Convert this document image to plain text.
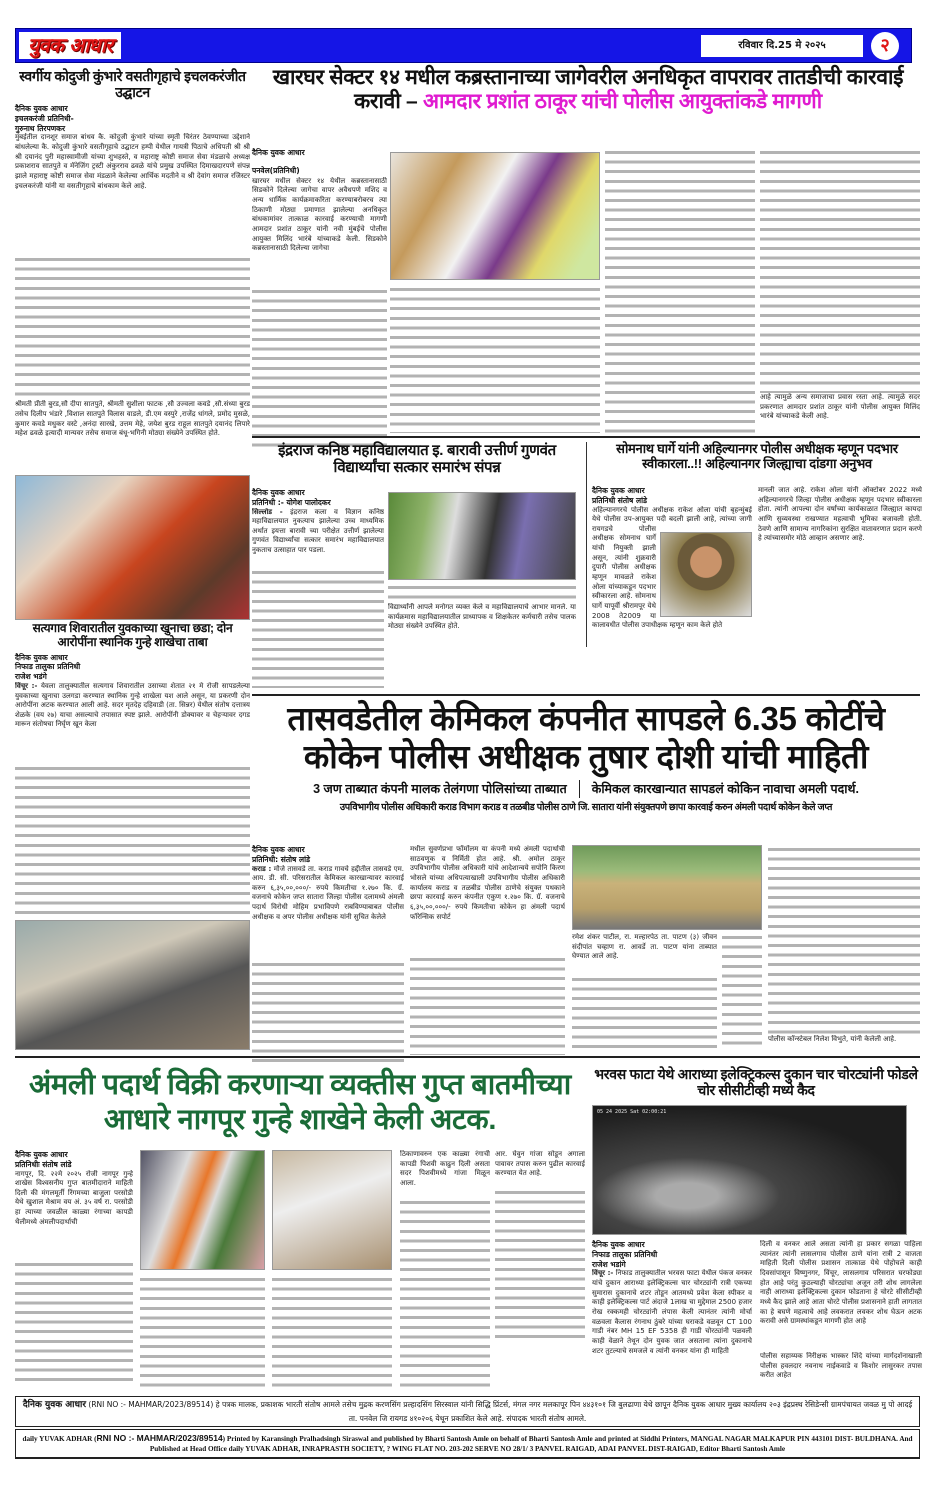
युवक आधार	रविवार दि.25 मे २०२५	२
स्वर्गीय कोदुजी कुंभारे वसतीगृहाचे इचलकरंजीत उद्घाटन
दैनिक युवक आधार
इचलकरंजी प्रतिनिधी-
गुरुनाथ तिरपणकर
मुंबईतील दानशूर समाज बांधव कै. कोदुजी कुंभारे यांच्या स्मृती चिरंतर ठेवण्याच्या उद्देशाने बांधलेल्या कै. कोदुजी कुंभारे वसतीगृहाचे उद्घाटन हम्पी येथील गायत्री पिठाचे अधिपती श्री श्री श्री दयानंद पुरी महास्वामीजी यांच्या शुभहस्ते, व महाराष्ट्र कोष्टी समाज सेवा मंडळाचे अध्यक्ष प्रकाशराव सातपुते व मॅनेजिंग ट्रस्टी अंकुरराव ढवळे यांचे प्रमुख उपस्थित दिमाखदारपणे संपन्न झाले महाराष्ट्र कोष्टी समाज सेवा मंडळाने केलेल्या आर्थिक मदतीने व श्री देवांग समाज रजिस्टर इचलकरंजी यांनी या वसतीगृहाचे बांधकाम केले आहे.
श्रीमती प्रीती बुरड,सौ दीपा सातपुते, श्रीमती सुशीला फाटक ,सौ उज्वला कवडे ,सौ.संध्या बुरड तसेच दिलीप भंडारे ,विशाल सातपुते विलास वाडले, डी.एम वस्पुरे ,राजेंद्र धांगले, प्रमोद मुसळे, कुमार कवडे मधुकर वस्टे ,अनंदा सारखे, उत्तम मेहे, जयेश बुरड राहूल सातपुते दयानंद लिपारे महेश ढवळे इत्यादी मान्यवर तसेच समाज बंधू-भगिनी मोठ्या संख्येने उपस्थित होते.
सत्यगाव शिवारातील युवकाच्या खुनाचा छडा; दोन आरोपींना स्थानिक गुन्हे शाखेचा ताबा
दैनिक युवक आधार
निफाड तालुका प्रतिनिधी
राजेश भडंगे
विंचूर :- येवला तालुक्यातील सत्यगाव शिवारातील उसाच्या शेतात २१ मे रोजी सापडलेल्या युवकाच्या खुनाचा उलगडा करण्यात स्थानिक गुन्हे शाखेला यश आले असून, या प्रकरणी दोन आरोपींना अटक करण्यात आली आहे. सदर मृतदेह दहिवाडी (ता. सिन्नर) येथील संतोष दत्तात्रय शेळके (वय २७) याचा असल्याचे तपासात स्पष्ट झाले. आरोपींनी डोक्यावर व चेहऱ्यावर दगड मारून संतोषचा निर्घृण खून केला
खारघर सेक्टर १४ मधील कब्रस्तानाच्या जागेवरील अनधिकृत वापरावर तातडीची कारवाई करावी – आमदार प्रशांत ठाकूर यांची पोलीस आयुक्तांकडे मागणी
दैनिक युवक आधार
पनवेल(प्रतिनिधी)
खारघर मधील सेक्टर १४ येथील कब्रस्तानासाठी सिडकोने दिलेल्या जागेचा वापर अवैधपणे मशिद व अन्य धार्मिक कार्यक्रमाकरिता करण्याबरोबरच त्या ठिकाणी मोठ्या प्रमाणात झालेल्या अनधिकृत बांधकामांवर तात्काळ कारवाई करण्याची मागणी आमदार प्रशांत ठाकूर यांनी नवी मुंबईचे पोलीस आयुक्त मिलिंद भारंबे यांच्याकडे केली. सिडकोने कब्रस्तानासाठी दिलेल्या जागेचा
आहे त्यामुळे अन्य समाजाचा प्रवास रस्ता आहे. त्यामुळे सदर प्रकरणात आमदार प्रशांत ठाकूर यांनी पोलीस आयुक्त मिलिंद भारंबे यांच्याकडे केली आहे.
इंद्रराज कनिष्ठ महाविद्यालयात इ. बारावी उत्तीर्ण गुणवंत विद्यार्थ्यांचा सत्कार समारंभ संपन्न
दैनिक युवक आधार
प्रतिनिधी :- योगेश पालोदकर
सिल्लोड - इंद्रराज कला व विज्ञान कनिष्ठ महाविद्यालयात नुकत्याच झालेल्या उच्च माध्यमिक अर्थात इयत्ता बारावी च्या परीक्षेत उत्तीर्ण झालेल्या गुणवंत विद्यार्थ्यांचा सत्कार समारंभ महाविद्यालयात नुकताच उत्साहात पार पडला.
विद्यार्थ्यांनी आपले मनोगत व्यक्त केले व महाविद्यालयाचे आभार मानले. या कार्यक्रमास महाविद्यालयातील प्राध्यापक व शिक्षकेतर कर्मचारी तसेच पालक मोठ्या संख्येने उपस्थित होते.
सोमनाथ घार्गे यांनी अहिल्यानगर पोलीस अधीक्षक म्हणून पदभार स्वीकारला..!! अहिल्यानगर जिल्ह्याचा दांडगा अनुभव
दैनिक युवक आधार
प्रतिनिधी संतोष लांडे
अहिल्यानगरचे पोलीस अधीक्षक राकेश ओला यांची बृहन्मुंबई येथे पोलीस उप-आयुक्त पदी बदली झाली आहे, त्यांच्या जागी रायगडचे पोलीस अधीक्षक सोमनाथ घार्गे यांची नियुक्ती झाली असून, त्यांनी शुक्रवारी दुपारी पोलीस अधीक्षक म्हणून मावळते राकेश ओला यांच्याकडून पदभार स्वीकारला आहे. सोमनाथ घार्गे यापूर्वी श्रीरामपूर येथे 2008 ते2009 या कालावधीत पोलीस उपाधीक्षक म्हणून काम केले होते
मानली जात आहे. राकेश ओला यांनी ऑक्टोबर 2022 मध्ये अहिल्यानगरचे जिल्हा पोलीस अधीक्षक म्हणून पदभार स्वीकारला होता. त्यांनी आपल्या दोन वर्षांच्या कार्यकाळात जिल्ह्यात कायदा आणि सुव्यवस्था राखण्यात महत्वाची भूमिका बजावली होती. ठेवणे आणि सामान्य नागरिकांना सुरक्षित वातावरणात प्रदान करणे हे त्यांच्यासमोर मोठे आव्हान असणार आहे.
तासवडेतील केमिकल कंपनीत सापडले 6.35 कोटींचे कोकेन पोलीस अधीक्षक तुषार दोशी यांची माहिती
3 जण ताब्यात कंपनी मालक तेलंगणा पोलिसांच्या ताब्यात केमिकल कारखान्यात सापडलं कोकिन नावाचा अमली पदार्थ.
उपविभागीय पोलीस अधिकारी कराड विभाग कराड व तळबीड पोलीस ठाणे जि. सातारा यांनी संयुक्तपणे छापा कारवाई करुन अंमली पदार्थ कोकेन केले जप्त
दैनिक युवक आधार
प्रतिनिधी: संतोष लांडे
कराड : मौजे तासवडे ता. कराड गावचे हद्दीतील तासवडे एम. आय. डी. सी. परिसरातील केमिकल कारखान्यावर कारवाई करुन ६,३५,००,०००/- रुपये किमतीचा १.२७० कि. ग्रॅ. वजनाचे कोकेन जप्त सातारा जिल्हा पोलीस दलामध्ये अंमली पदार्थ विरोधी मोहिम प्रभाविपणे राबविण्याबाबत पोलीस अधीक्षक व अपर पोलीस अधीक्षक यांनी सुचित केलेले
मधील सुवर्णप्रभा फॉर्मोलम या कंपनी मध्ये अंमली पदार्थाची साठवणूक व निर्मिती होत आहे. श्री. अमोल ठाकूर उपविभागीय पोलीस अधिकारी यांचे आदेशान्वये सपोनि किरण भोसले यांच्या अधिपत्याखाली उपविभागीय पोलीस अधिकारी कार्यालय कराड व तळबीड पोलीस ठाणेचे संयुक्त पथकाने छापा कारवाई करुन कंपनीत एकुण १.२७० कि. ग्रॅ. वजनाचे ६,३५,००,०००/- रुपये किमतीचा कोकेन हा अंमली पदार्थ फॉरेन्सिक सपोर्ट
रमेश शंकर पाटील, रा. मल्हारपेठ ता. पाटण (३) जीवन संदीपांत चव्हाण रा. आवर्डे ता. पाटण यांना ताब्यात घेण्यात आले आहे.
पोलीस कॉन्स्टेबल निलेश विभुते, यांनी केलेली आहे.
अंमली पदार्थ विक्री करणाऱ्या व्यक्तीस गुप्त बातमीच्या आधारे नागपूर गुन्हे शाखेने केली अटक.
दैनिक युवक आधार
प्रतिनिधीः संतोष लांडे
नागपूर, दि. २२मे २०२५ रोजी नागपूर गुन्हे शाखेस विश्वसनीय गुप्त बातमीदाराने माहिती दिली की मंगलमूर्ती रिंगमच्या बाजुला परसोडी येथे खुशाल मेश्राम वय अं. ३५ वर्ष रा. परसोडी हा त्याच्या जवळील काळ्या रंगाच्या कापडी थैलीमध्ये अंमलीपदार्थाची
ठिकाणावरुन एक काळ्या रंगाची कापडी पिशवी काढुन दिली असता सदर पिशवीमध्ये गांजा मिळून आला.
आर. घेवुन गांजा सोडून अगाला पावावर तपास करुन पुढील कारवाई करण्यात येत आहे.
भरवस फाटा येथे आराध्या इलेक्ट्रिकल्स दुकान चार चोरट्यांनी फोडले चोर सीसीटीव्ही मध्ये कैद
05 24 2025 Sat 02:00:21
दैनिक युवक आधार
निफाड तालुका प्रतिनिधी
राजेश भडांगे
विंचूर :- निफाड तालुक्यातील भरवस फाटा येथील पंकज वनकर यांचे दुकान आराध्या इलेक्ट्रिकल्स चार चोरट्यांनी रात्री एकच्या सुमारास दुकानाचे शटर तोडून आतमध्ये प्रवेश केला स्पीकर व काही इलेक्ट्रिकल्स पार्ट अंदाजे 1लाख चा मुद्देमाल 2500 हजार रोख रक्कमही चोरट्यांनी लंपास केली त्यानंतर त्यांनी मोर्चा वळवला कैलास रंगनाथ ठुंबरे यांच्या घराकडे वळवून CT 100 गाडी नंबर MH 15 EF 5358 ही गाडी चोरट्यांनी पळवली काही वेळाने तेथून दोन युवक जात असताना त्यांना दुकानाचे शटर तुटल्याचे समजले व त्यांनी वनकर यांना ही माहिती
दिली व वनकर आले असता त्यांनी हा प्रकार सगळा पाहिला त्यानंतर त्यांनी लासलगाव पोलीस ठाणे यांना रात्री 2 वाजता माहिती दिली पोलीस प्रशासन तात्काळ येथे पोहोचले काही दिवसांपासून विष्णुनगर, विंचूर, लासलगाव परिसरात घरफोड्या होत आहे परंतु कुठल्याही चोरट्यांचा अजून तरी शोध लागलेला नाही आराध्या इलेक्ट्रिकल्स दुकान फोडताना हे चोरटे सीसीटीव्ही मध्ये कैद झाले आहे आता चोरटे पोलीस प्रशासनाने हाती लागतात का हे बघणे महत्वाचे आहे लवकरात लवकर शोध घेऊन अटक करावी असे ग्रामस्थांकडून मागणी होत आहे
पोलीस सहाय्यक निरीक्षक भास्कर शिंदे यांच्या मार्गदर्शनाखाली पोलीस हवलदार नवनाथ नाईकवाडे व किशोर लासुरकर तपास करीत आहेत
दैनिक युवक आधार (RNI NO :- MAHMAR/2023/89514) हे पत्रक मालक, प्रकाशक भारती संतोष आमले तसेच मुद्रक करणसिंग प्रल्हादसिंग सिरस्वाल यांनी सिद्धि प्रिंटर्स, मंगल नगर मलकापूर पिन ४४३१०१ जि बुलढाणा येथे छापून दैनिक युवक आधार मुख्य कार्यालय २०३ इंद्रप्रस्थ रेसिडेन्सी ग्रामपंचायत जवळ मु पो आदई ता. पनवेल जि रायगड ४१०२०६ येथून प्रकाशित केले आहे. संपादक भारती संतोष आमले.
daily YUVAK ADHAR (RNI NO :- MAHMAR/2023/89514) Printed by Karansingh Pralhadsingh Siraswal and published by Bharti Santosh Amle on behalf of Bharti Santosh Amle and printed at Siddhi Printers, MANGAL NAGAR MALKAPUR PIN 443101 DIST- BULDHANA. And Published at Head Office daily YUVAK ADHAR, INRAPRASTH SOCIETY, ? WING FLAT NO. 203-202 SERVE NO 28/1/ 3 PANVEL RAIGAD, ADAI PANVEL DIST-RAIGAD, Editor Bharti Santosh Amle
